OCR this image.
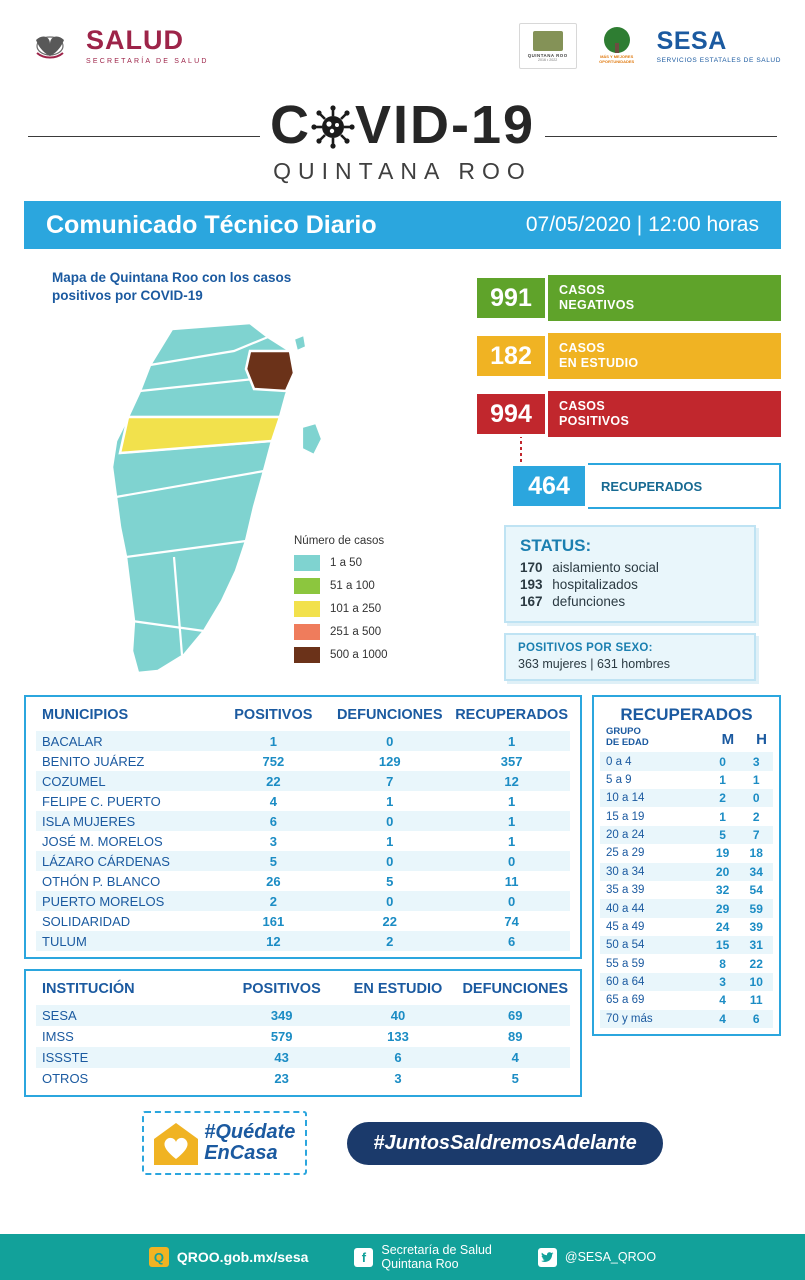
SALUD
SECRETARÍA DE SALUD
QUINTANA ROO
2016 • 2022
MÁS Y MEJORES OPORTUNIDADES
SESA
SERVICIOS ESTATALES DE SALUD
C VID-19
QUINTANA ROO
Comunicado Técnico Diario	07/05/2020 | 12:00 horas
Mapa de Quintana Roo con los casos positivos por COVID-19
Número de casos
1 a 50
51 a 100
101 a 250
251 a 500
500 a 1000
991	CASOS
NEGATIVOS
182	CASOS
EN ESTUDIO
994	CASOS
POSITIVOS
464	RECUPERADOS
STATUS:
170 aislamiento social
193 hospitalizados
167 defunciones
POSITIVOS POR SEXO:
363 mujeres | 631 hombres
MUNICIPIOS	POSITIVOS	DEFUNCIONES	RECUPERADOS
BACALAR	1	0	1
BENITO JUÁREZ	752	129	357
COZUMEL	22	7	12
FELIPE C. PUERTO	4	1	1
ISLA MUJERES	6	0	1
JOSÉ M. MORELOS	3	1	1
LÁZARO CÁRDENAS	5	0	0
OTHÓN P. BLANCO	26	5	11
PUERTO MORELOS	2	0	0
SOLIDARIDAD	161	22	74
TULUM	12	2	6
INSTITUCIÓN	POSITIVOS	EN ESTUDIO	DEFUNCIONES
SESA	349	40	69
IMSS	579	133	89
ISSSTE	43	6	4
OTROS	23	3	5
RECUPERADOS
GRUPO
DE EDAD	M H
0 a 4	0	3
5 a 9	1	1
10 a 14	2	0
15 a 19	1	2
20 a 24	5	7
25 a 29	19	18
30 a 34	20	34
35 a 39	32	54
40 a 44	29	59
45 a 49	24	39
50 a 54	15	31
55 a 59	8	22
60 a 64	3	10
65 a 69	4	11
70 y más	4	6
#Quédate
EnCasa	#JuntosSaldremosAdelante
Q QROO.gob.mx/sesa	f	Secretaría de Salud
Quintana Roo	@SESA_QROO
